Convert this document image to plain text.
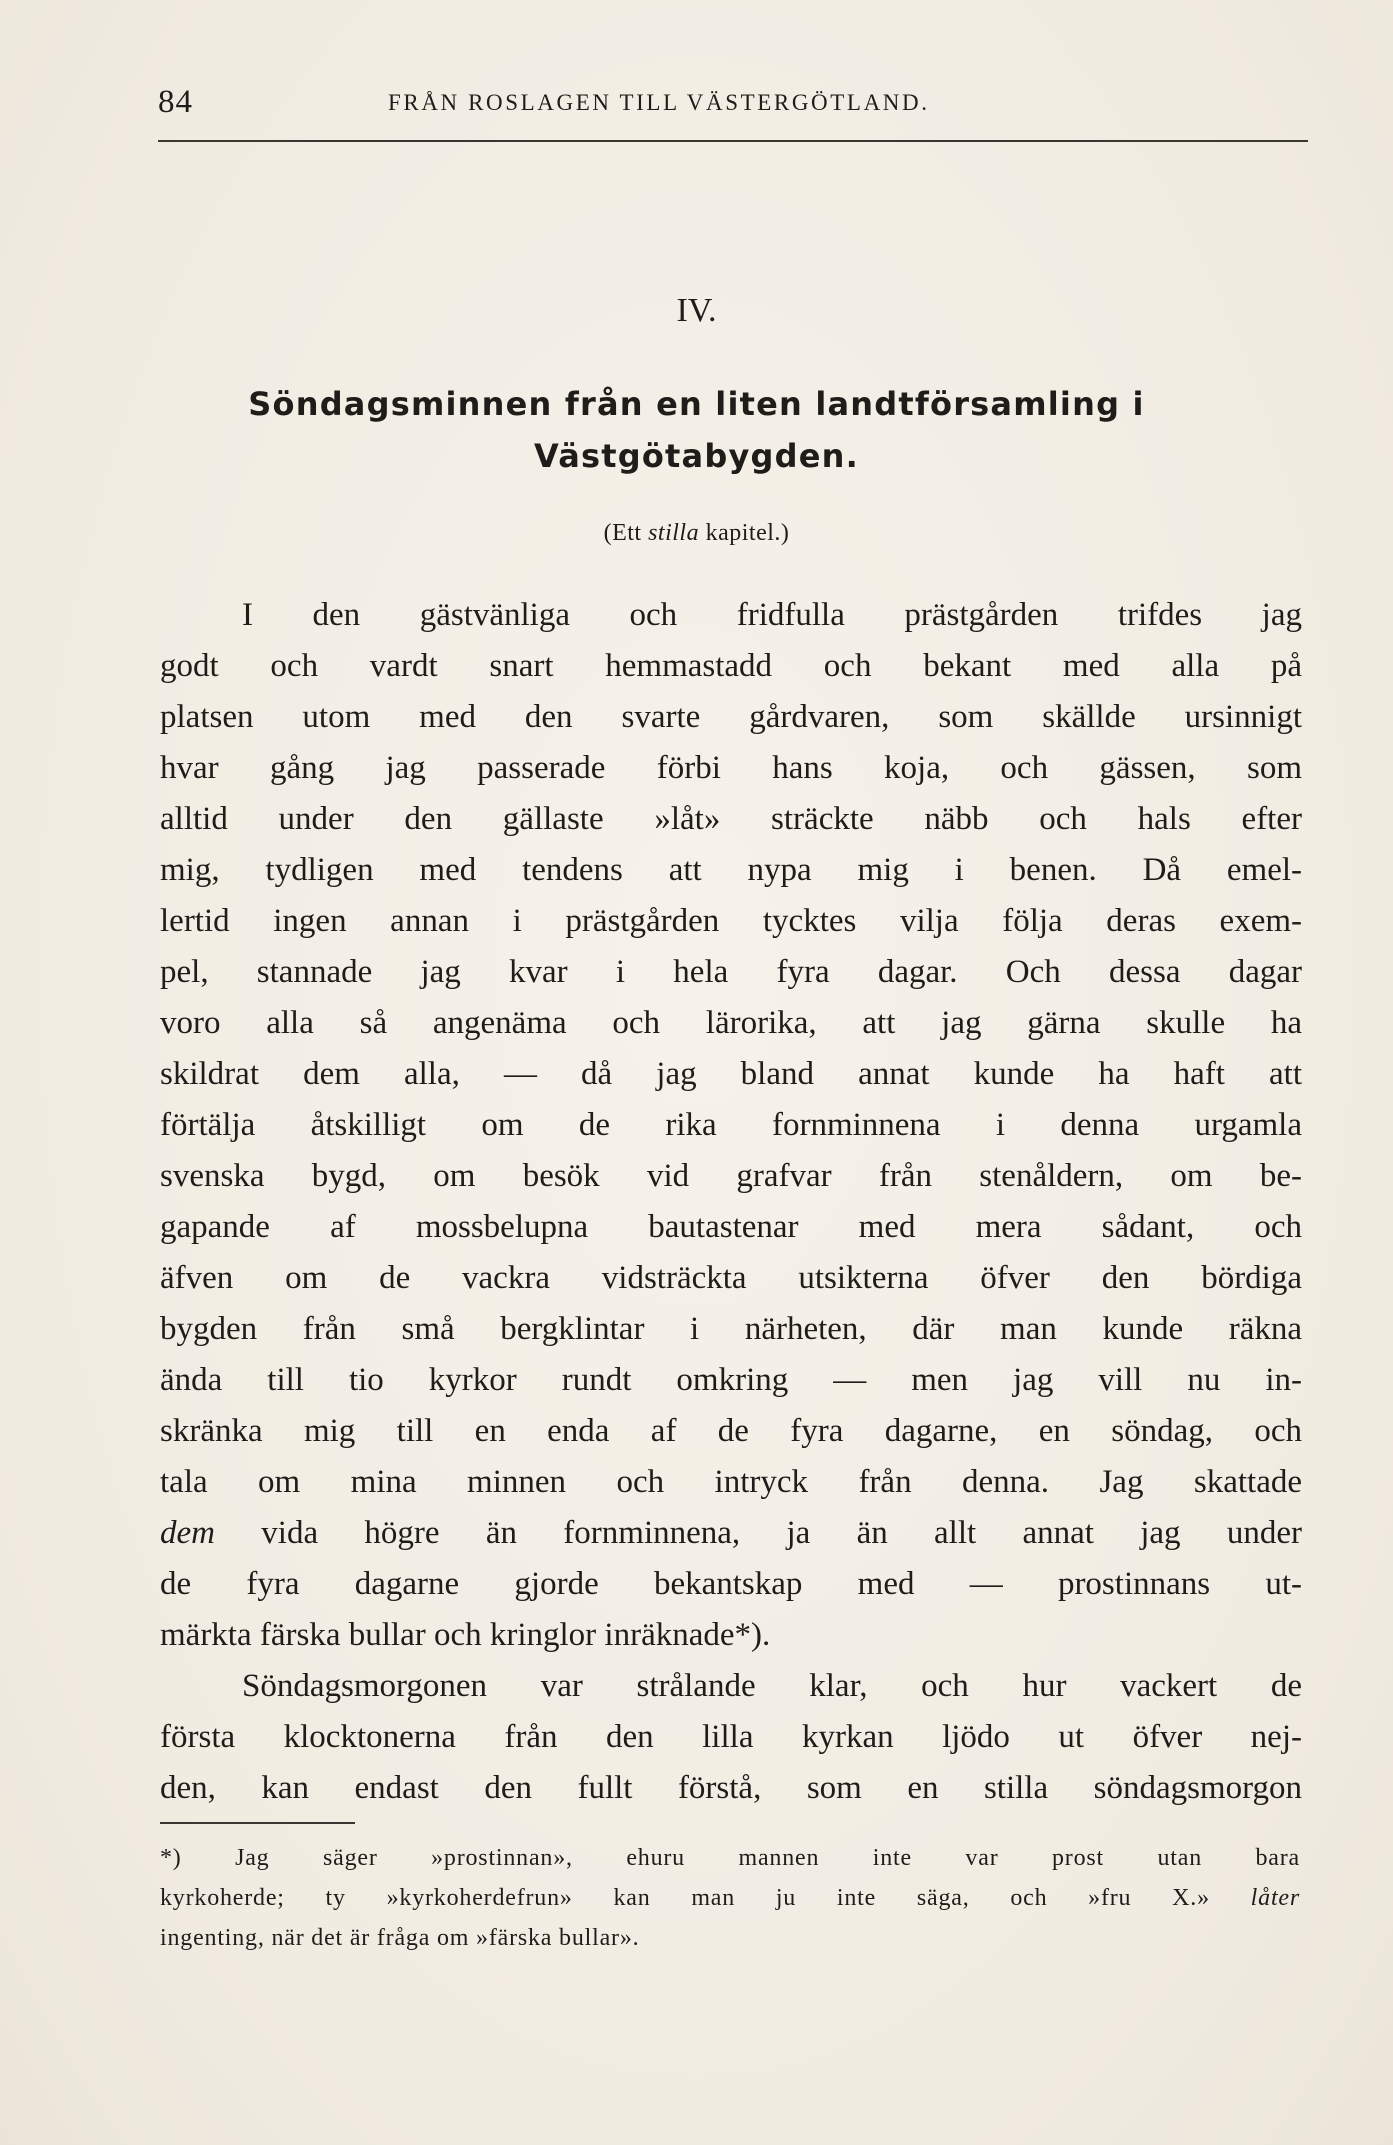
84	FRÅN ROSLAGEN TILL VÄSTERGÖTLAND.
IV.
Söndagsminnen från en liten landtförsamling i
Västgötabygden.
(Ett stilla kapitel.)
I den gästvänliga och fridfulla prästgården trifdes jag
godt och vardt snart hemmastadd och bekant med alla på
platsen utom med den svarte gårdvaren, som skällde ursinnigt
hvar gång jag passerade förbi hans koja, och gässen, som
alltid under den gällaste »låt» sträckte näbb och hals efter
mig, tydligen med tendens att nypa mig i benen. Då emel-
lertid ingen annan i prästgården tycktes vilja följa deras exem-
pel, stannade jag kvar i hela fyra dagar. Och dessa dagar
voro alla så angenäma och lärorika, att jag gärna skulle ha
skildrat dem alla, — då jag bland annat kunde ha haft att
förtälja åtskilligt om de rika fornminnena i denna urgamla
svenska bygd, om besök vid grafvar från stenåldern, om be-
gapande af mossbelupna bautastenar med mera sådant, och
äfven om de vackra vidsträckta utsikterna öfver den bördiga
bygden från små bergklintar i närheten, där man kunde räkna
ända till tio kyrkor rundt omkring — men jag vill nu in-
skränka mig till en enda af de fyra dagarne, en söndag, och
tala om mina minnen och intryck från denna. Jag skattade
dem vida högre än fornminnena, ja än allt annat jag under
de fyra dagarne gjorde bekantskap med — prostinnans ut-
märkta färska bullar och kringlor inräknade*).
Söndagsmorgonen var strålande klar, och hur vackert de
första klocktonerna från den lilla kyrkan ljödo ut öfver nej-
den, kan endast den fullt förstå, som en stilla söndagsmorgon
*) Jag säger »prostinnan», ehuru mannen inte var prost utan bara
kyrkoherde; ty »kyrkoherdefrun» kan man ju inte säga, och »fru X.» låter
ingenting, när det är fråga om »färska bullar».
